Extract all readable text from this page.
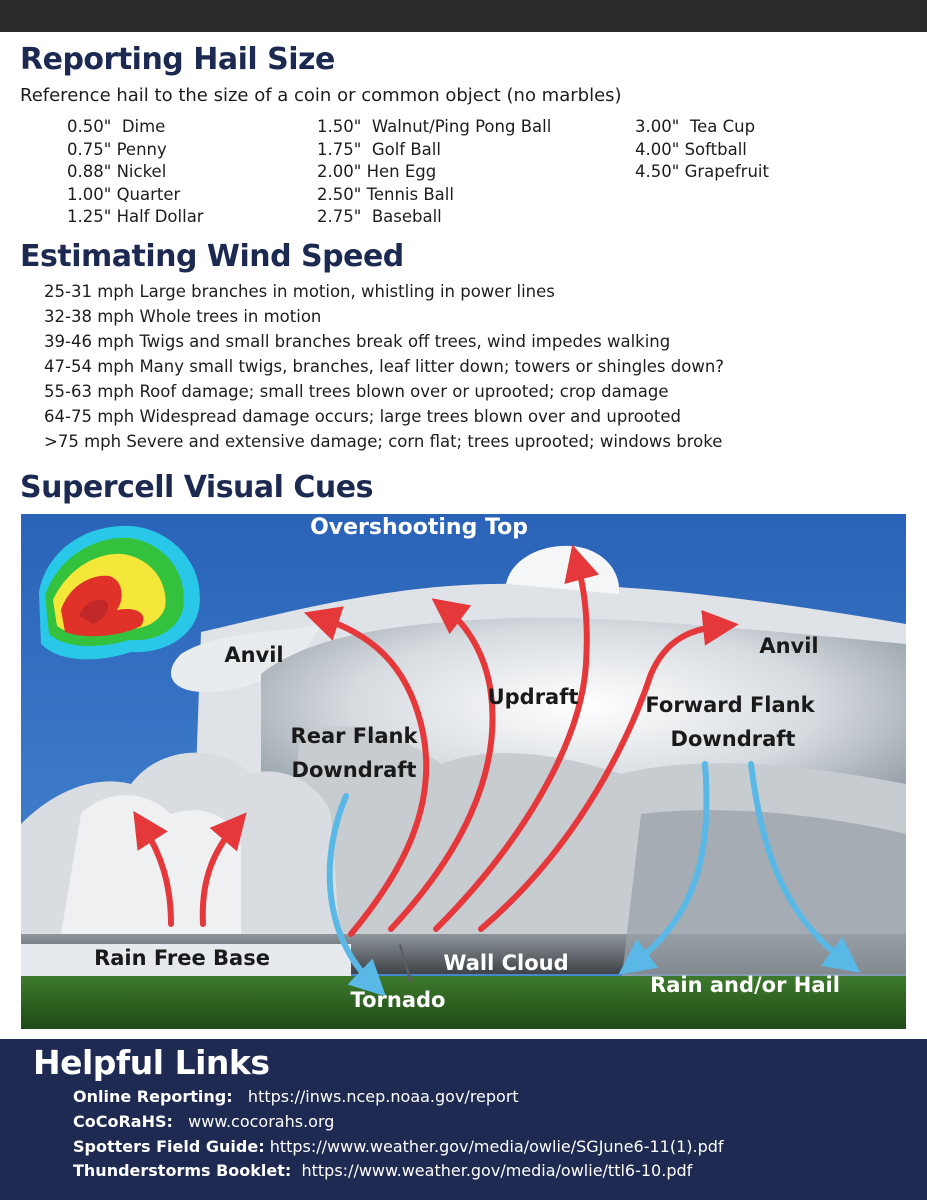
Reporting Hail Size
Reference hail to the size of a coin or common object (no marbles)
0.50"  Dime
0.75" Penny
0.88" Nickel
1.00" Quarter
1.25" Half Dollar
1.50"  Walnut/Ping Pong Ball
1.75"  Golf Ball
2.00" Hen Egg
2.50" Tennis Ball
2.75"  Baseball
3.00"  Tea Cup
4.00" Softball
4.50" Grapefruit
Estimating Wind Speed
25-31 mph Large branches in motion, whistling in power lines
32-38 mph Whole trees in motion
39-46 mph Twigs and small branches break off trees, wind impedes walking
47-54 mph Many small twigs, branches, leaf litter down; towers or shingles down?
55-63 mph Roof damage; small trees blown over or uprooted; crop damage
64-75 mph Widespread damage occurs; large trees blown over and uprooted
>75 mph Severe and extensive damage; corn flat; trees uprooted; windows broke
Supercell Visual Cues
Overshooting Top
Anvil	Anvil
Updraft
Rear Flank
Downdraft
Forward Flank
Downdraft
Rain Free Base	Wall Cloud
Tornado
Rain and/or Hail
Helpful Links
Online Reporting: https://inws.ncep.noaa.gov/report
CoCoRaHS: www.cocorahs.org
Spotters Field Guide: https://www.weather.gov/media/owlie/SGJune6-11(1).pdf
Thunderstorms Booklet: https://www.weather.gov/media/owlie/ttl6-10.pdf
